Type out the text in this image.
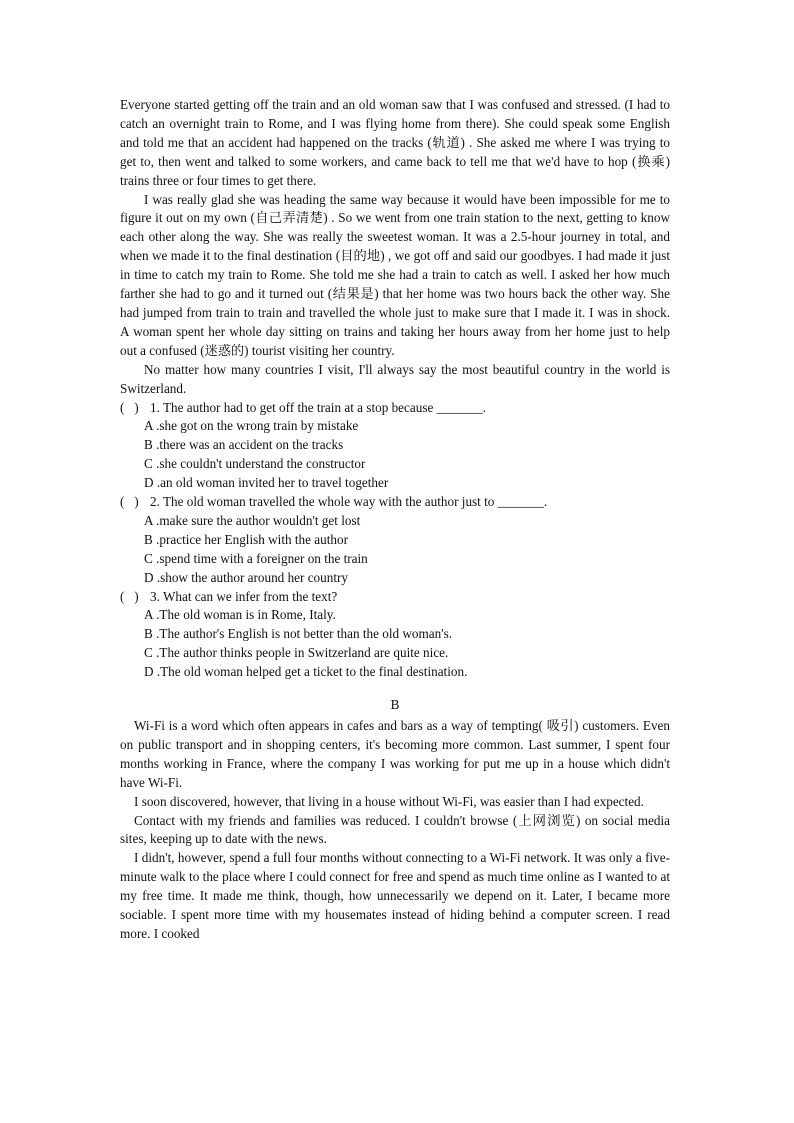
Everyone started getting off the train and an old woman saw that I was confused and stressed. (I had to catch an overnight train to Rome, and I was flying home from there). She could speak some English and told me that an accident had happened on the tracks (轨道) . She asked me where I was trying to get to, then went and talked to some workers, and came back to tell me that we'd have to hop (换乘) trains three or four times to get there.

I was really glad she was heading the same way because it would have been impossible for me to figure it out on my own (自己弄清楚) . So we went from one train station to the next, getting to know each other along the way. She was really the sweetest woman. It was a 2.5-hour journey in total, and when we made it to the final destination (目的地) , we got off and said our goodbyes. I had made it just in time to catch my train to Rome. She told me she had a train to catch as well. I asked her how much farther she had to go and it turned out (结果是) that her home was two hours back the other way. She had jumped from train to train and travelled the whole just to make sure that I made it. I was in shock. A woman spent her whole day sitting on trains and taking her hours away from her home just to help out a confused (迷惑的) tourist visiting her country.

No matter how many countries I visit, I'll always say the most beautiful country in the world is Switzerland.

(   ) 1. The author had to get off the train at a stop because _______.

A .she got on the wrong train by mistake

B .there was an accident on the tracks

C .she couldn't understand the constructor

D .an old woman invited her to travel together

(   ) 2. The old woman travelled the whole way with the author just to _______.

A .make sure the author wouldn't get lost

B .practice her English with the author

C .spend time with a foreigner on the train

D .show the author around her country

(   ) 3. What can we infer from the text?

A .The old woman is in Rome, Italy.

B .The author's English is not better than the old woman's.

C .The author thinks people in Switzerland are quite nice.

D .The old woman helped get a ticket to the final destination.

B

Wi-Fi is a word which often appears in cafes and bars as a way of tempting( 吸引) customers. Even on public transport and in shopping centers, it's becoming more common. Last summer, I spent four months working in France, where the company I was working for put me up in a house which didn't have Wi-Fi.

I soon discovered, however, that living in a house without Wi-Fi, was easier than I had expected.

Contact with my friends and families was reduced. I couldn't browse (上网浏览) on social media sites, keeping up to date with the news.

I didn't, however, spend a full four months without connecting to a Wi-Fi network. It was only a five-minute walk to the place where I could connect for free and spend as much time online as I wanted to at my free time. It made me think, though, how unnecessarily we depend on it. Later, I became more sociable. I spent more time with my housemates instead of hiding behind a computer screen. I read more. I cooked
